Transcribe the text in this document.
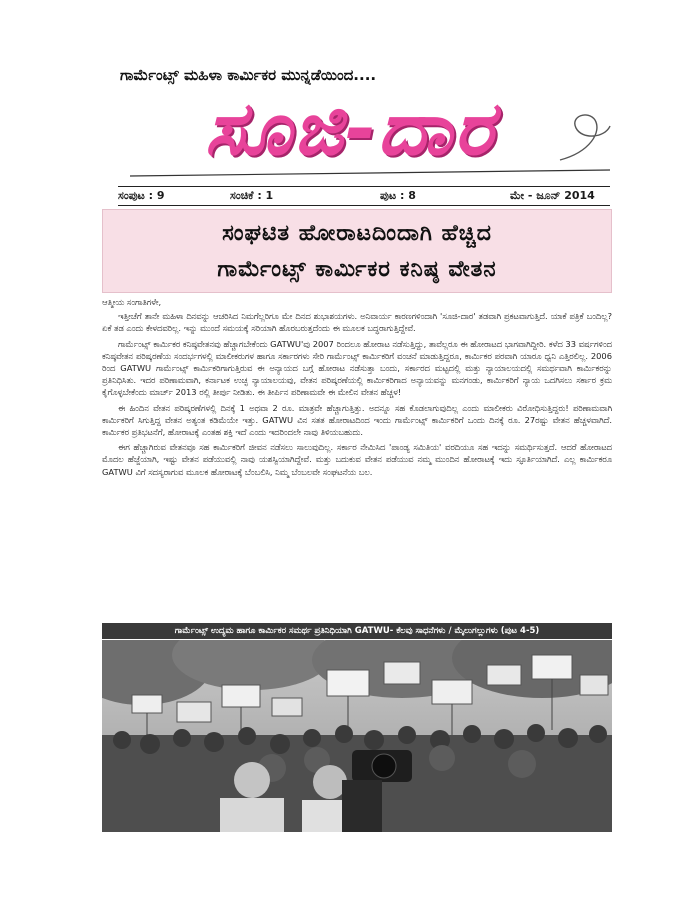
ಗಾರ್ಮೆಂಟ್ಸ್ ಮಹಿಳಾ ಕಾರ್ಮಿಕರ ಮುನ್ನಡೆಯಿಂದ....
ಸೂಜಿ-ದಾರ
ಸಂಪುಟ : 9	ಸಂಚಿಕೆ : 1	ಪುಟ : 8	ಮೇ - ಜೂನ್ 2014
ಸಂಘಟಿತ ಹೋರಾಟದಿಂದಾಗಿ ಹೆಚ್ಚಿದ
ಗಾರ್ಮೆಂಟ್ಸ್ ಕಾರ್ಮಿಕರ ಕನಿಷ್ಠ ವೇತನ

ಆತ್ಮೀಯ ಸಂಗಾತಿಗಳೇ,

ಇತ್ತೀಚೆಗೆ ತಾನೇ ಮಹಿಳಾ ದಿನವನ್ನು ಆಚರಿಸಿದ ನಿಮಗೆಲ್ಲರಿಗೂ ಮೇ ದಿನದ ಶುಭಾಶಯಗಳು. ಅನಿವಾರ್ಯ ಕಾರಣಗಳಿಂದಾಗಿ 'ಸೂಜಿ-ದಾರ' ತಡವಾಗಿ ಪ್ರಕಟವಾಗುತ್ತಿದೆ. ಯಾಕೆ ಪತ್ರಿಕೆ ಬಂದಿಲ್ಲ? ಏಕೆ ತಡ ಎಂದು ಕೇಳದವರಿಲ್ಲ. ಇನ್ನು ಮುಂದೆ ಸಮಯಕ್ಕೆ ಸರಿಯಾಗಿ ಹೊರಬರುತ್ತದೆಂದು ಈ ಮೂಲಕ ಬದ್ಧರಾಗುತ್ತಿದ್ದೇವೆ.

ಗಾರ್ಮೆಂಟ್ಸ್ ಕಾರ್ಮಿಕರ ಕನಿಷ್ಠವೇತನವು ಹೆಚ್ಚಾಗಬೇಕೆಂದು GATWU'ವು 2007 ರಿಂದಲೂ ಹೋರಾಟ ನಡೆಸುತ್ತಿದ್ದು, ತಾವೆಲ್ಲರೂ ಈ ಹೋರಾಟದ ಭಾಗವಾಗಿದ್ದೀರಿ. ಕಳೆದ 33 ವರ್ಷಗಳಿಂದ ಕನಿಷ್ಠವೇತನ ಪರಿಷ್ಕರಣೆಯ ಸಂದರ್ಭಗಳಲ್ಲಿ ಮಾಲೀಕರುಗಳ ಹಾಗೂ ಸರ್ಕಾರಗಳು ಸೇರಿ ಗಾರ್ಮೆಂಟ್ಸ್ ಕಾರ್ಮಿಕರಿಗೆ ವಂಚನೆ ಮಾಡುತ್ತಿದ್ದರೂ, ಕಾರ್ಮಿಕರ ಪರವಾಗಿ ಯಾರೂ ಧ್ವನಿ ಎತ್ತಿರಲಿಲ್ಲ. 2006 ರಿಂದ GATWU ಗಾರ್ಮೆಂಟ್ಸ್ ಕಾರ್ಮಿಕರಿಗಾಗುತ್ತಿರುವ ಈ ಅನ್ಯಾಯದ ಬಗ್ಗೆ ಹೋರಾಟ ನಡೆಸುತ್ತಾ ಬಂದು, ಸರ್ಕಾರದ ಮಟ್ಟದಲ್ಲಿ ಮತ್ತು ನ್ಯಾಯಾಲಯದಲ್ಲಿ ಸಮರ್ಥವಾಗಿ ಕಾರ್ಮಿಕರನ್ನು ಪ್ರತಿನಿಧಿಸಿತು. ಇದರ ಪರಿಣಾಮವಾಗಿ, ಕರ್ನಾಟಕ ಉಚ್ಛ ನ್ಯಾಯಾಲಯವು, ವೇತನ ಪರಿಷ್ಕರಣೆಯಲ್ಲಿ ಕಾರ್ಮಿಕರಿಗಾದ ಅನ್ಯಾಯವನ್ನು ಮನಗಂಡು, ಕಾರ್ಮಿಕರಿಗೆ ನ್ಯಾಯ ಒದಗಿಸಲು ಸರ್ಕಾರ ಕ್ರಮ ಕೈಗೊಳ್ಳಬೇಕೆಂದು ಮಾರ್ಚ್ 2013 ರಲ್ಲಿ ತೀರ್ಪು ನೀಡಿತು. ಈ ತೀರ್ಪಿನ ಪರಿಣಾಮವೇ ಈ ಮೇಲಿನ ವೇತನ ಹೆಚ್ಚಳ!

ಈ ಹಿಂದಿನ ವೇತನ ಪರಿಷ್ಕರಣೆಗಳಲ್ಲಿ ದಿನಕ್ಕೆ 1 ಅಥವಾ 2 ರೂ. ಮಾತ್ರವೇ ಹೆಚ್ಚಾಗುತ್ತಿತ್ತು. ಅದನ್ನೂ ಸಹ ಕೊಡಲಾಗುವುದಿಲ್ಲ ಎಂದು ಮಾಲೀಕರು ವಿರೋಧಿಸುತ್ತಿದ್ದರು! ಪರಿಣಾಮವಾಗಿ ಕಾರ್ಮಿಕರಿಗೆ ಸಿಗುತ್ತಿದ್ದ ವೇತನ ಅತ್ಯಂತ ಕಡಿಮೆಯೇ ಇತ್ತು. GATWU ವಿನ ಸತತ ಹೋರಾಟದಿಂದ ಇಂದು ಗಾರ್ಮೆಂಟ್ಸ್ ಕಾರ್ಮಿಕರಿಗೆ ಒಂದು ದಿನಕ್ಕೆ ರೂ. 27ರಷ್ಟು ವೇತನ ಹೆಚ್ಚಳವಾಗಿದೆ. ಕಾರ್ಮಿಕರ ಪ್ರತಿಭಟನೆಗೆ, ಹೋರಾಟಕ್ಕೆ ಎಂತಹ ಶಕ್ತಿ ಇದೆ ಎಂದು ಇದರಿಂದಲೇ ನಾವು ತಿಳಿಯಬಹುದು.

ಈಗ ಹೆಚ್ಚಾಗಿರುವ ವೇತನವೂ ಸಹ ಕಾರ್ಮಿಕರಿಗೆ ಜೀವನ ನಡೆಸಲು ಸಾಲುವುದಿಲ್ಲ. ಸರ್ಕಾರ ನೇಮಿಸಿದ 'ಪಾಂಡ್ಯ ಸಮಿತಿಯ' ವರದಿಯೂ ಸಹ ಇದನ್ನು ಸಮರ್ಥಿಸುತ್ತದೆ. ಆದರೆ ಹೋರಾಟದ ಮೊದಲ ಹೆಜ್ಜೆಯಾಗಿ, ಇಷ್ಟು ವೇತನ ಪಡೆಯುವಲ್ಲಿ ನಾವು ಯಶಸ್ವಿಯಾಗಿದ್ದೇವೆ. ಮತ್ತು ಬದುಕುವ ವೇತನ ಪಡೆಯುವ ನಮ್ಮ ಮುಂದಿನ ಹೋರಾಟಕ್ಕೆ ಇದು ಸ್ಫೂರ್ತಿಯಾಗಿದೆ. ಎಲ್ಲ ಕಾರ್ಮಿಕರೂ GATWU ವಿಗೆ ಸದಸ್ಯರಾಗುವ ಮೂಲಕ ಹೋರಾಟಕ್ಕೆ ಬೆಂಬಲಿಸಿ, ನಿಮ್ಮ ಬೆಂಬಲವೇ ಸಂಘಟನೆಯ ಬಲ.

ಗಾರ್ಮೆಂಟ್ಸ್ ಉದ್ಯಮ ಹಾಗೂ ಕಾರ್ಮಿಕರ ಸಮರ್ಥ ಪ್ರತಿನಿಧಿಯಾಗಿ GATWU- ಕೆಲವು ಸಾಧನೆಗಳು / ಮೈಲುಗಲ್ಲುಗಳು (ಪುಟ 4-5)
